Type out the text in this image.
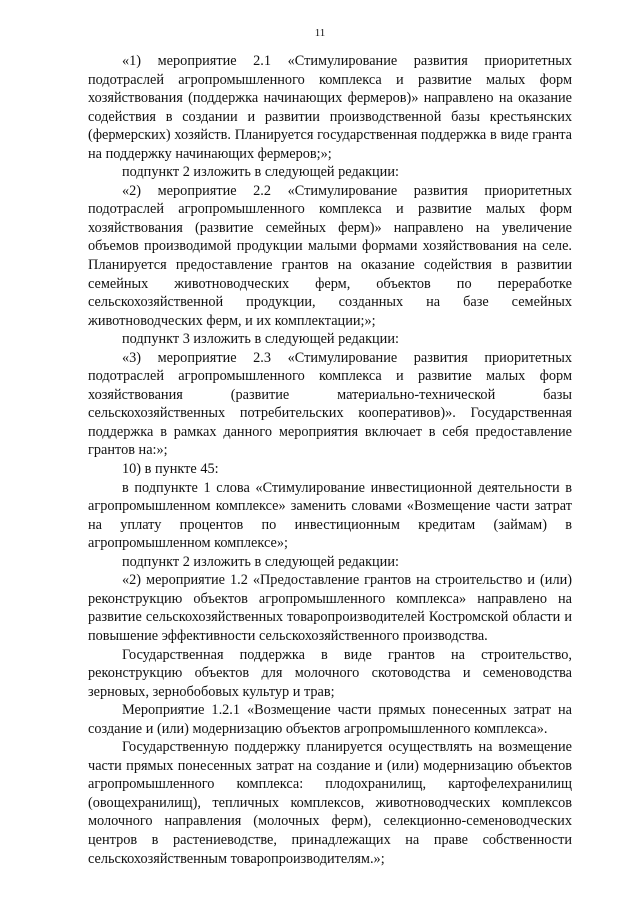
11

«1) мероприятие 2.1 «Стимулирование развития приоритетных подотраслей агропромышленного комплекса и развитие малых форм хозяйствования (поддержка начинающих фермеров)» направлено на оказание содействия в создании и развитии производственной базы крестьянских (фермерских) хозяйств. Планируется государственная поддержка в виде гранта на поддержку начинающих фермеров;»;

подпункт 2 изложить в следующей редакции:

«2) мероприятие 2.2 «Стимулирование развития приоритетных подотраслей агропромышленного комплекса и развитие малых форм хозяйствования (развитие семейных ферм)» направлено на увеличение объемов производимой продукции малыми формами хозяйствования на селе. Планируется предоставление грантов на оказание содействия в развитии семейных животноводческих ферм, объектов по переработке сельскохозяйственной продукции, созданных на базе семейных животноводческих ферм, и их комплектации;»;

подпункт 3 изложить в следующей редакции:

«3) мероприятие 2.3 «Стимулирование развития приоритетных подотраслей агропромышленного комплекса и развитие малых форм хозяйствования (развитие материально-технической базы сельскохозяйственных потребительских кооперативов)». Государственная поддержка в рамках данного мероприятия включает в себя предоставление грантов на:»;

10) в пункте 45:

в подпункте 1 слова «Стимулирование инвестиционной деятельности в агропромышленном комплексе» заменить словами «Возмещение части затрат на уплату процентов по инвестиционным кредитам (займам) в агропромышленном комплексе»;

подпункт 2 изложить в следующей редакции:

«2) мероприятие 1.2 «Предоставление грантов на строительство и (или) реконструкцию объектов агропромышленного комплекса» направлено на развитие сельскохозяйственных товаропроизводителей Костромской области и повышение эффективности сельскохозяйственного производства.

Государственная поддержка в виде грантов на строительство, реконструкцию объектов для молочного скотоводства и семеноводства зерновых, зернобобовых культур и трав;

Мероприятие 1.2.1 «Возмещение части прямых понесенных затрат на создание и (или) модернизацию объектов агропромышленного комплекса».

Государственную поддержку планируется осуществлять на возмещение части прямых понесенных затрат на создание и (или) модернизацию объектов агропромышленного комплекса: плодохранилищ, картофелехранилищ (овощехранилищ), тепличных комплексов, животноводческих комплексов молочного направления (молочных ферм), селекционно-семеноводческих центров в растениеводстве, принадлежащих на праве собственности сельскохозяйственным товаропроизводителям.»;
